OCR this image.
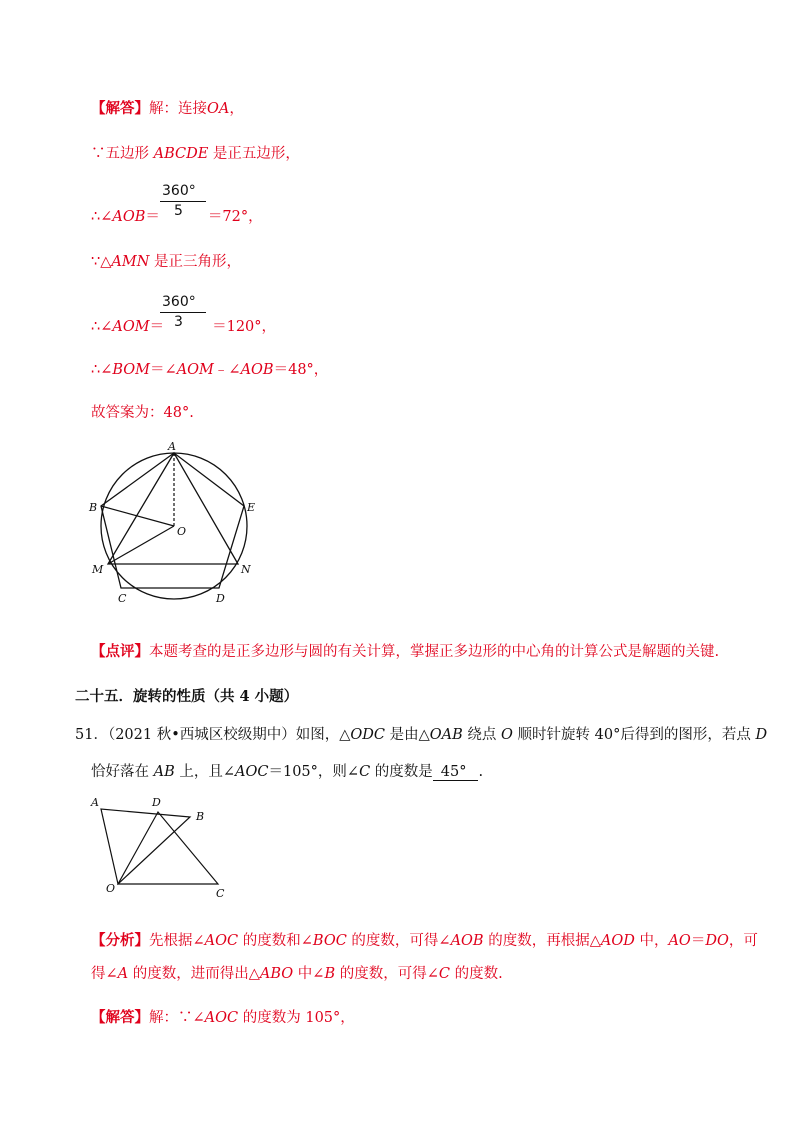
【解答】解：连接OA，
∵五边形 ABCDE 是正五边形，
∴∠AOB＝	＝72°，
360°
5
∵△AMN 是正三角形，
∴∠AOM＝	＝120°，
360°
3
∴∠BOM＝∠AOM﹣∠AOB＝48°，
故答案为：48°.
A
B	E
O
M	N
C	D
【点评】本题考查的是正多边形与圆的有关计算，掌握正多边形的中心角的计算公式是解题的关键.
二十五．旋转的性质（共 4 小题）
51．（2021 秋•西城区校级期中）如图，△ODC 是由△OAB 绕点 O 顺时针旋转 40°后得到的图形，若点 D
恰好落在 AB 上，且∠AOC＝105°，则∠C 的度数是 45° .
A	D
B
O	C
【分析】先根据∠AOC 的度数和∠BOC 的度数，可得∠AOB 的度数，再根据△AOD 中，AO＝DO，可
得∠A 的度数，进而得出△ABO 中∠B 的度数，可得∠C 的度数.
【解答】解：∵∠AOC 的度数为 105°，
